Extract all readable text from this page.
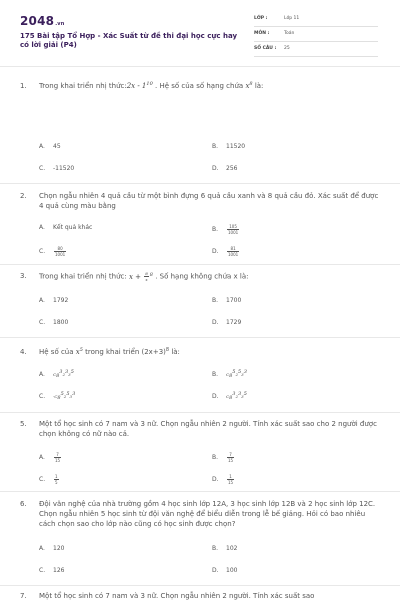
2048.vn
175 Bài tập Tổ Hợp - Xác Suất từ đề thi đại học cực hay có lời giải (P4)
LỚP :	Lớp 11
MÔN :	Toán
SỐ CÂU : 25
1. Trong khai triển nhị thức:2x - $1^{10}$ . Hệ số của số hạng chứa $x^8$ là:
A. 45	B. 11520
C. -11520	D. 256
2. Chọn ngẫu nhiên 4 quả cầu từ một bình đựng 6 quả cầu xanh và 8 quả cầu đỏ. Xác suất để được 4 quả cùng màu bằng
A. Kết quả khác	B. $\frac{105}{1001}$
C. $\frac{80}{1001}$	D. $\frac{81}{1001}$
3. Trong khai triển nhị thức: $x + \frac{8}{x} ^8$ . Số hạng không chứa x là:
A. 1792	B. 1700
C. 1800	D. 1729
4. Hệ số của $x^5$ trong khai triển $(2x+3)^8$ là:
A. $C_8^32^33^5$	B. $C_8^52^53^3$
C. $-C_8^52^53^3$	D. $C_8^32^33^5$
5. Một tổ học sinh có 7 nam và 3 nữ. Chọn ngẫu nhiên 2 người. Tính xác suất sao cho 2 người được chọn không có nữ nào cả.
A. $\frac{7}{15}$	B. $\frac{7}{15}$
C. $\frac{1}{5}$	D. $\frac{1}{15}$
6. Đội văn nghệ của nhà trường gồm 4 học sinh lớp 12A, 3 học sinh lớp 12B và 2 học sinh lớp 12C. Chọn ngẫu nhiên 5 học sinh từ đội văn nghệ để biểu diễn trong lễ bế giảng. Hỏi có bao nhiêu cách chọn sao cho lớp nào cũng có học sinh được chọn?
A. 120	B. 102
C. 126	D. 100
7. Một tổ học sinh có 7 nam và 3 nữ. Chọn ngẫu nhiên 2 người. Tính xác suất sao
